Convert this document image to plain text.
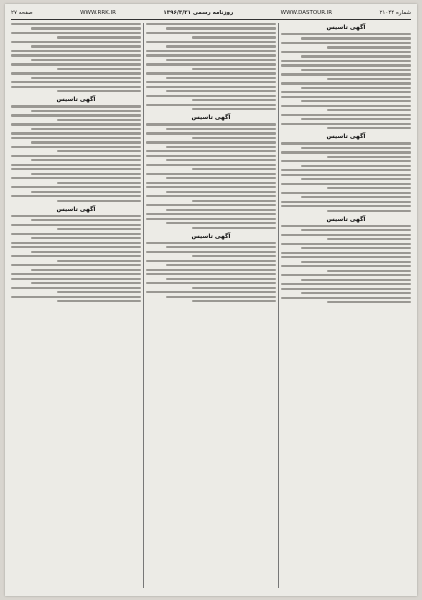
شماره ۲۱۰۴۴
WWW.DASTOUR.IR
روزنامه رسمی ۱۳۹۶/۳/۲۱
WWW.RRK.IR
صفحه ۲۷
آگهی تاسیس
آگهی تاسیس
آگهی تاسیس
آگهی تاسیس
آگهی تاسیس
آگهی تاسیس
آگهی تاسیس
